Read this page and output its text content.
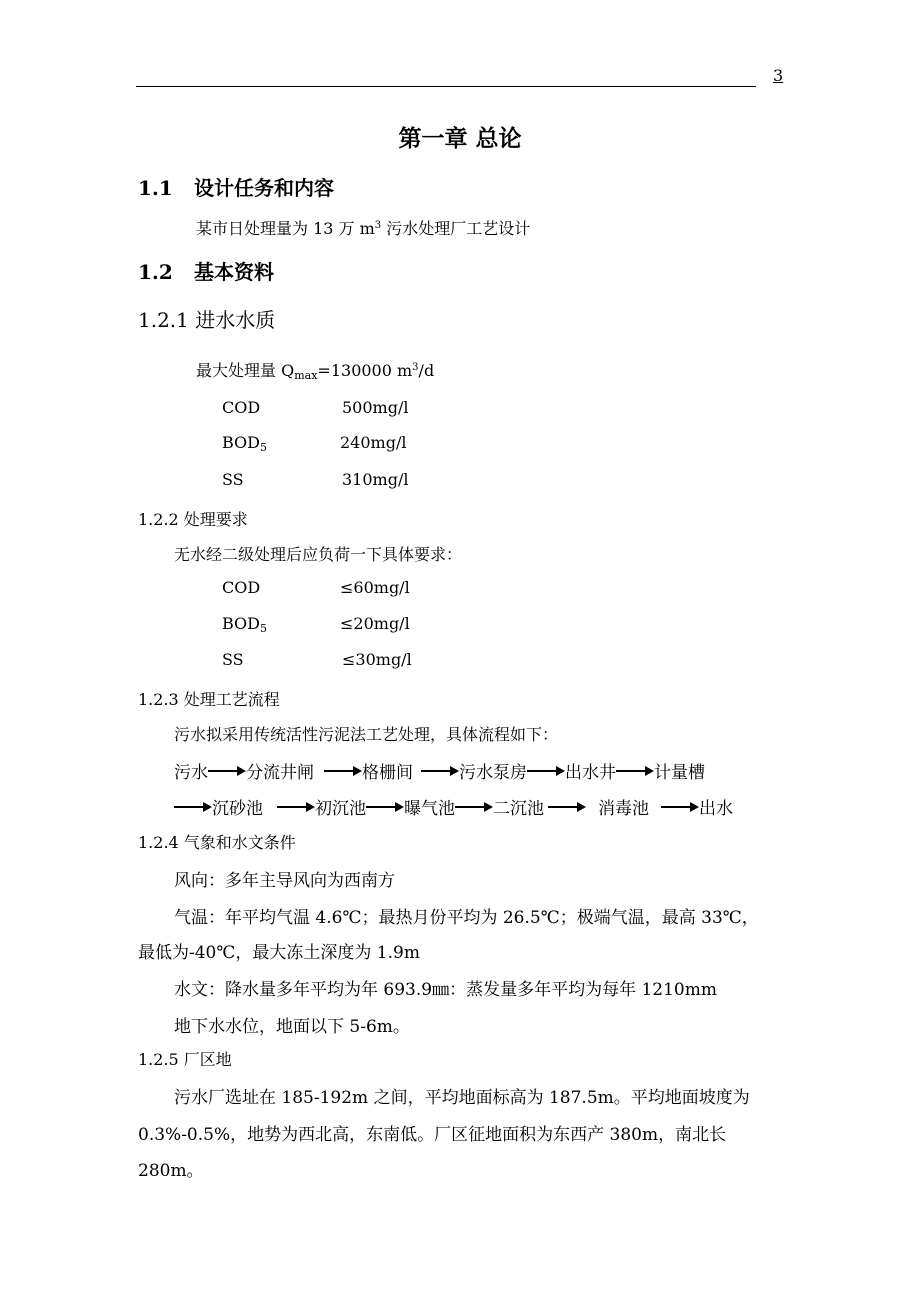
3
第一章 总论
1.1 设计任务和内容
某市日处理量为 13 万 $m^3$ 污水处理厂工艺设计
1.2 基本资料
1.2.1 进水水质
最大处理量 $Q_{max}=130000$ $m^3/d$
COD	500mg/l
$BOD_5$	240mg/l
SS	310mg/l
1.2.2 处理要求
无水经二级处理后应负荷一下具体要求：
COD	≤60mg/l
$BOD_5$	≤20mg/l
SS	≤30mg/l
1.2.3 处理工艺流程
污水拟采用传统活性污泥法工艺处理，具体流程如下：
污水 分流井闸	格栅间	污水泵房 出水井 计量槽
沉砂池	初沉池 曝气池 二沉池	消毒池	出水
1.2.4 气象和水文条件
风向：多年主导风向为西南方
气温：年平均气温 4.6℃；最热月份平均为 26.5℃；极端气温，最高 33℃，
最低为-40℃，最大冻土深度为 1.9m
水文：降水量多年平均为年 693.9㎜：蒸发量多年平均为每年 1210mm
地下水水位，地面以下 5-6m。
1.2.5 厂区地
污水厂选址在 185-192m 之间，平均地面标高为 187.5m。平均地面坡度为
0.3%-0.5%，地势为西北高，东南低。厂区征地面积为东西产 380m，南北长
280m。
